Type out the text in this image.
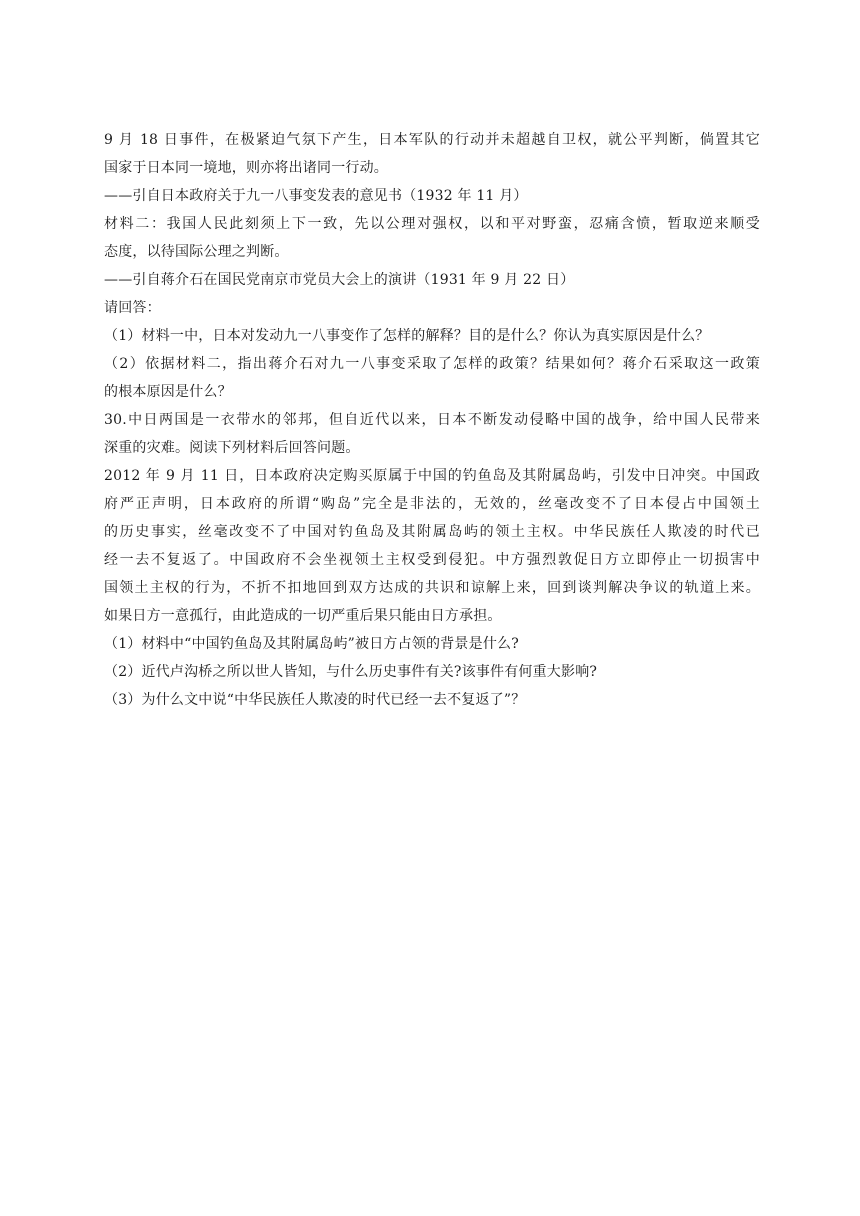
9 月 18 日事件，在极紧迫气氛下产生，日本军队的行动并未超越自卫权，就公平判断，倘置其它
国家于日本同一境地，则亦将出诸同一行动。
——引自日本政府关于九一八事变发表的意见书（1932 年 11 月）
材料二：我国人民此刻须上下一致，先以公理对强权，以和平对野蛮，忍痛含愤，暂取逆来顺受
态度，以待国际公理之判断。
——引自蒋介石在国民党南京市党员大会上的演讲（1931 年 9 月 22 日）
请回答：
（1）材料一中，日本对发动九一八事变作了怎样的解释？目的是什么？你认为真实原因是什么？
（2）依据材料二，指出蒋介石对九一八事变采取了怎样的政策？结果如何？蒋介石采取这一政策
的根本原因是什么？
30.中日两国是一衣带水的邻邦，但自近代以来，日本不断发动侵略中国的战争，给中国人民带来
深重的灾难。阅读下列材料后回答问题。
2012 年 9 月 11 日，日本政府决定购买原属于中国的钓鱼岛及其附属岛屿，引发中日冲突。中国政
府严正声明，日本政府的所谓“购岛”完全是非法的，无效的，丝毫改变不了日本侵占中国领土
的历史事实，丝毫改变不了中国对钓鱼岛及其附属岛屿的领土主权。中华民族任人欺凌的时代已
经一去不复返了。中国政府不会坐视领土主权受到侵犯。中方强烈敦促日方立即停止一切损害中
国领土主权的行为，不折不扣地回到双方达成的共识和谅解上来，回到谈判解决争议的轨道上来。
如果日方一意孤行，由此造成的一切严重后果只能由日方承担。
（1）材料中“中国钓鱼岛及其附属岛屿”被日方占领的背景是什么?
（2）近代卢沟桥之所以世人皆知，与什么历史事件有关?该事件有何重大影响?
（3）为什么文中说“中华民族任人欺凌的时代已经一去不复返了”？
